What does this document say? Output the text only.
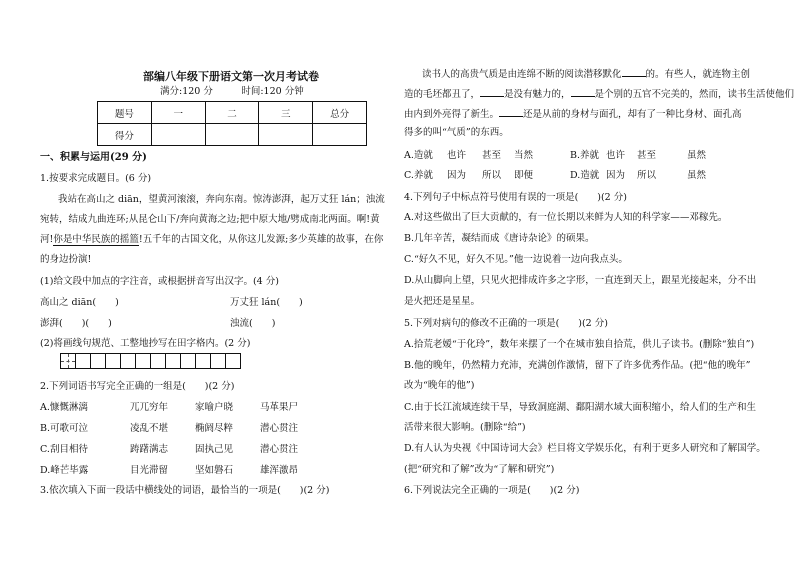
部编八年级下册语文第一次月考试卷
满分:120 分　　　时间:120 分钟
题号	一	二	三	总分
得分				
一、积累与运用(29 分)
1.按要求完成题目。(6 分)
我站在高山之 diān，望黄河滚滚，奔向东南。惊涛澎湃，起万丈狂 lán；浊流
宛转，结成九曲连环;从昆仑山下/奔向黄海之边;把中原大地/劈成南北两面。啊!黄
河!你是中华民族的摇篮!五千年的古国文化，从你这儿发源;多少英雄的故事，在你
的身边扮演!
(1)给文段中加点的字注音，或根据拼音写出汉字。(4 分)
高山之 diān(　　)	万丈狂 lán(　　)
澎湃(　　)(　　)	浊流(　　)
(2)将画线句规范、工整地抄写在田字格内。(2 分)
2.下列词语书写完全正确的一组是(　　)(2 分)
A.慷慨淋漓	兀兀穷年	家喻户晓	马革果尸
B.可歌可泣	凌乱不堪	椭阏尽粹	潜心贯注
C.刮目相待	踌躇满志	固执己见	潜心贯注
D.峰芒毕露	目光滞留	坚如磐石	雄浑激昂
3.依次填入下面一段话中横线处的词语，最恰当的一项是(　　)(2 分)
读书人的高贵气质是由连绵不断的阅读潜移默化	的。有些人，就连物主创
造的毛坯都丑了，	是没有魅力的，	是个别的五官不完美的，然而，读书生活使他们
由内到外亮得了新生。	还是从前的身材与面孔，却有了一种比身材、面孔高
得多的叫“气质”的东西。
A.造就 也许 甚至 当然	B.养就 也许 甚至	虽然
C.养就 因为 所以 即便	D.造就 因为 所以	虽然
4.下列句子中标点符号使用有误的一项是(　　)(2 分)
A.对这些做出了巨大贡献的，有一位长期以来鲜为人知的科学家——邓稼先。
B.几年辛苦，凝结而成《唐诗杂论》的硕果。
C.“好久不见，好久不见。”他一边说着一边向我点头。
D.从山脚向上望，只见火把排成许多之字形，一直连到天上，跟星光接起来，分不出
是火把还是星星。
5.下列对病句的修改不正确的一项是(　　)(2 分)
A.拾荒老嫒“于化玲”，数年来摆了一个在城市独自拾荒，供儿子读书。(删除“独自”)
B.他的晚年，仍然精力充沛，充满创作激情，留下了许多优秀作品。(把“他的晚年”
改为“晚年的他”)
C.由于长江流域连续干旱，导致洞庭湖、鄱阳湖水域大面积缩小，给人们的生产和生
活带来很大影响。(删除“给”)
D.有人认为央视《中国诗词大会》栏目将文学娱乐化，有利于更多人研究和了解国学。
(把“研究和了解”改为“了解和研究”)
6.下列说法完全正确的一项是(　　)(2 分)
